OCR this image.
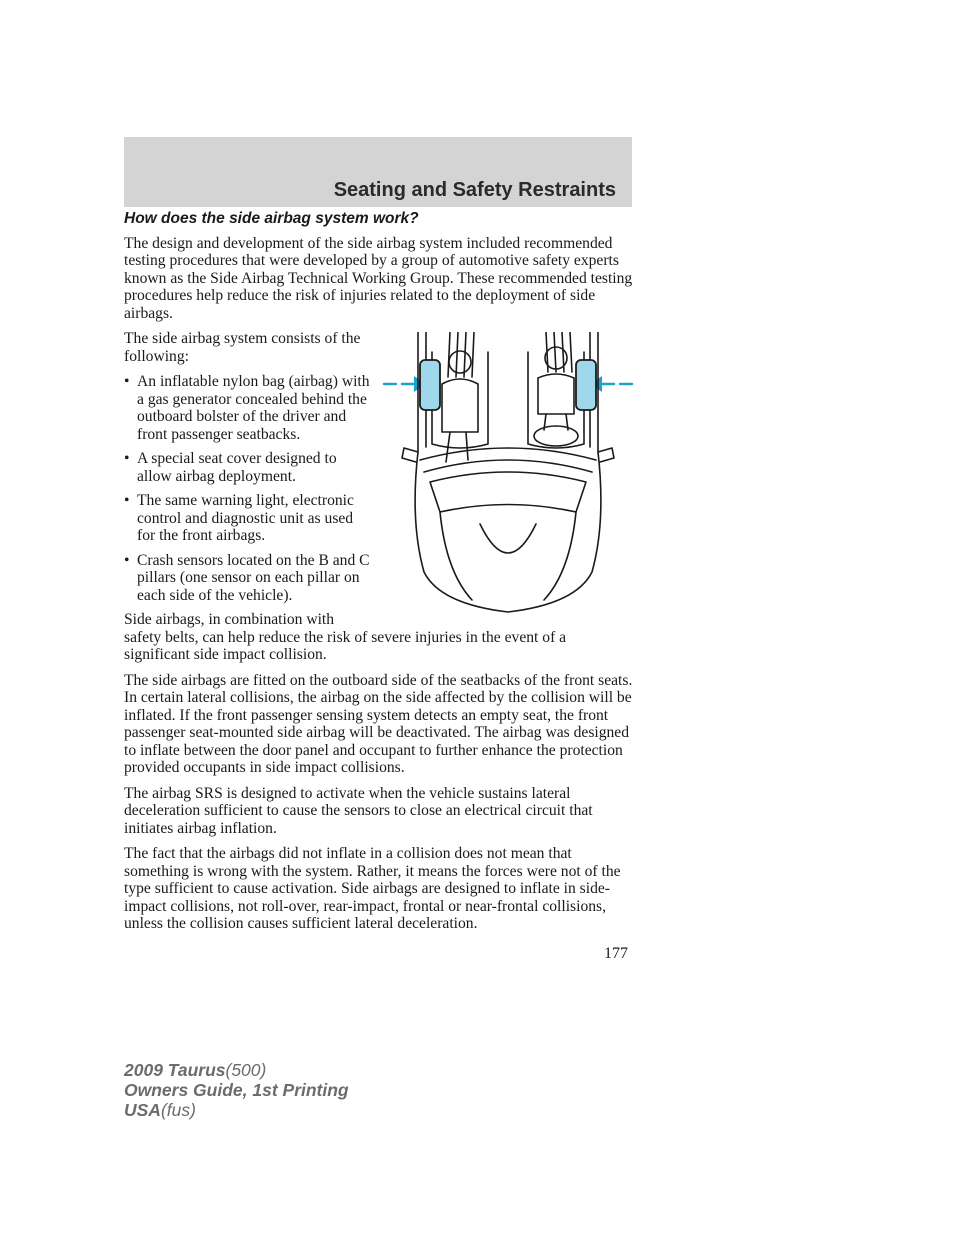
Seating and Safety Restraints
How does the side airbag system work?

The design and development of the side airbag system included recommended testing procedures that were developed by a group of automotive safety experts known as the Side Airbag Technical Working Group. These recommended testing procedures help reduce the risk of injuries related to the deployment of side airbags.

The side airbag system consists of the following:

• An inflatable nylon bag (airbag) with a gas generator concealed behind the outboard bolster of the driver and front passenger seatbacks.
• A special seat cover designed to allow airbag deployment.
• The same warning light, electronic control and diagnostic unit as used for the front airbags.
• Crash sensors located on the B and C pillars (one sensor on each pillar on each side of the vehicle).

Side airbags, in combination with safety belts, can help reduce the risk of severe injuries in the event of a significant side impact collision.

The side airbags are fitted on the outboard side of the seatbacks of the front seats. In certain lateral collisions, the airbag on the side affected by the collision will be inflated. If the front passenger sensing system detects an empty seat, the front passenger seat-mounted side airbag will be deactivated. The airbag was designed to inflate between the door panel and occupant to further enhance the protection provided occupants in side impact collisions.

The airbag SRS is designed to activate when the vehicle sustains lateral deceleration sufficient to cause the sensors to close an electrical circuit that initiates airbag inflation.

The fact that the airbags did not inflate in a collision does not mean that something is wrong with the system. Rather, it means the forces were not of the type sufficient to cause activation. Side airbags are designed to inflate in side-impact collisions, not roll-over, rear-impact, frontal or near-frontal collisions, unless the collision causes sufficient lateral deceleration.

177
2009 Taurus(500)
Owners Guide, 1st Printing
USA(fus)
